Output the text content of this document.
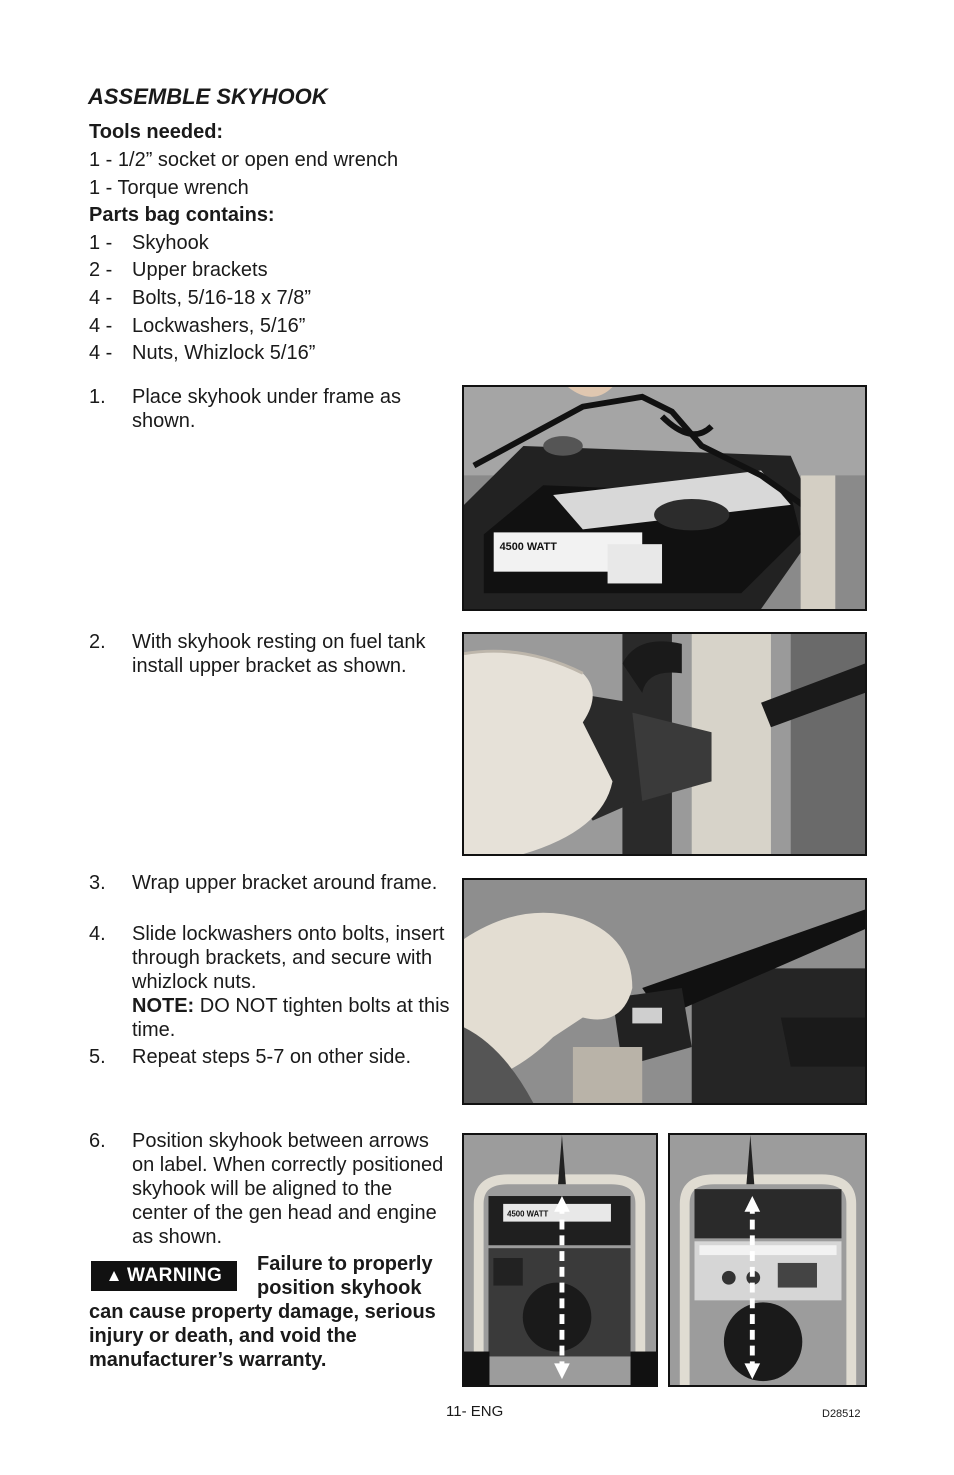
ASSEMBLE SKYHOOK
Tools needed:
1 - 1/2” socket or open end wrench
1 - Torque wrench
Parts bag contains:
1 - Skyhook
2 - Upper brackets
4 - Bolts, 5/16-18 x 7/8”
4 - Lockwashers, 5/16”
4 - Nuts, Whizlock 5/16”
1. Place skyhook under frame as shown.
4500 WATT
2. With skyhook resting on fuel tank install upper bracket as shown.
3. Wrap upper bracket around frame.
4. Slide lockwashers onto bolts, insert through brackets, and secure with whizlock nuts.
NOTE: DO NOT tighten bolts at this time.
5. Repeat steps 5-7 on other side.
6. Position skyhook between arrows on label. When correctly positioned skyhook will be aligned to the center of the gen head and engine as shown.
4500 WATT
▲ WARNING
Failure to properly
position skyhook
can cause property damage, serious injury or death, and void the manufacturer’s warranty.
11- ENG	D28512
